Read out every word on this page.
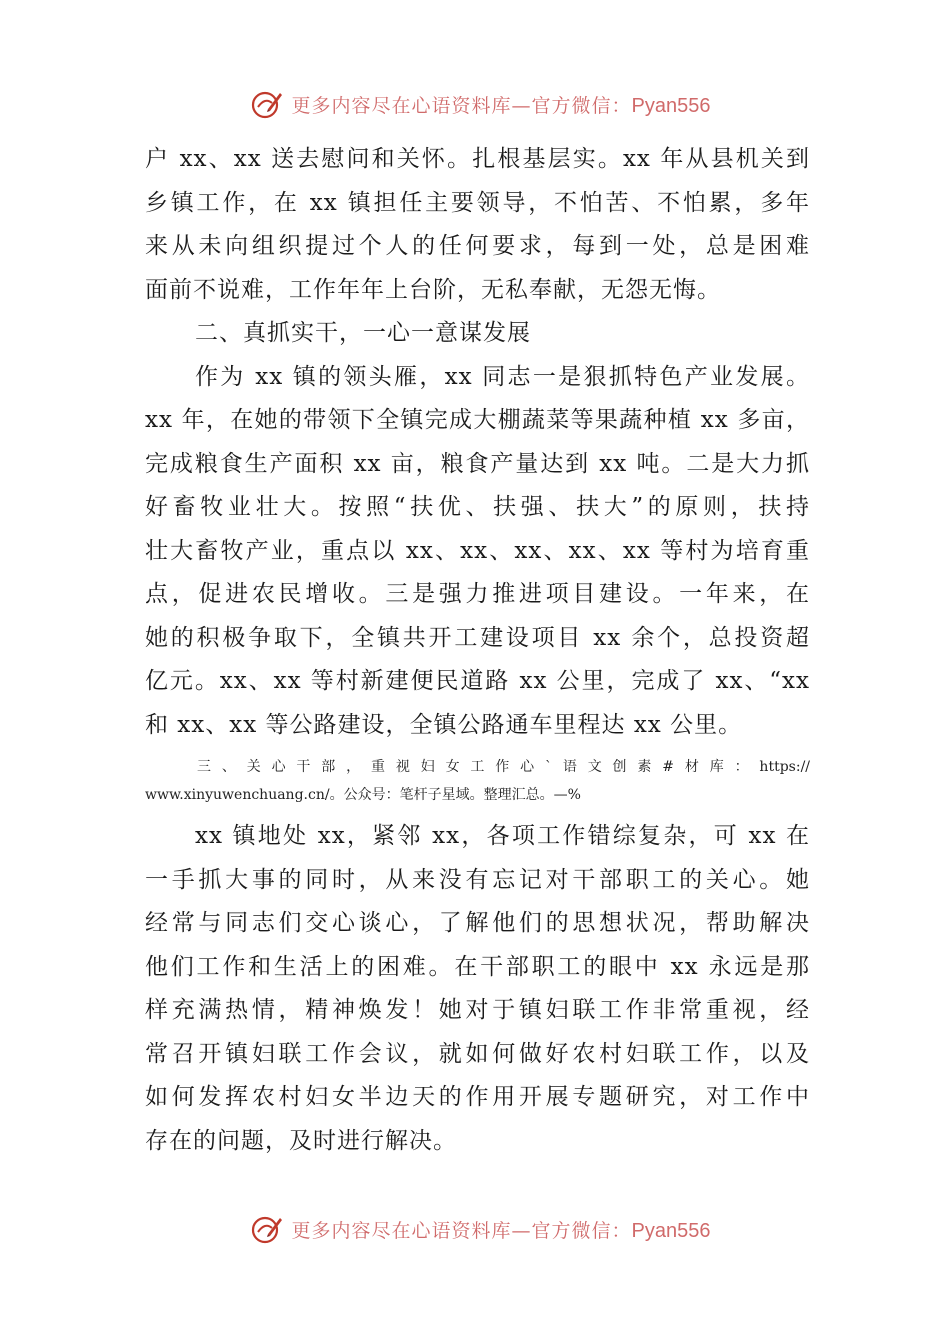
更多内容尽在心语资料库—官方微信：Pyan556
户 xx、xx 送去慰问和关怀。扎根基层实。xx 年从县机关到
乡镇工作，在 xx 镇担任主要领导，不怕苦、不怕累，多年
来从未向组织提过个人的任何要求，每到一处，总是困难
面前不说难，工作年年上台阶，无私奉献，无怨无悔。
二、真抓实干，一心一意谋发展
作为 xx 镇的领头雁，xx 同志一是狠抓特色产业发展。
xx 年，在她的带领下全镇完成大棚蔬菜等果蔬种植 xx 多亩，
完成粮食生产面积 xx 亩，粮食产量达到 xx 吨。二是大力抓
好畜牧业壮大。按照“扶优、扶强、扶大”的原则，扶持
壮大畜牧产业，重点以 xx、xx、xx、xx、xx 等村为培育重
点，促进农民增收。三是强力推进项目建设。一年来，在
她的积极争取下，全镇共开工建设项目 xx 余个，总投资超
亿元。xx、xx 等村新建便民道路 xx 公里，完成了 xx、“xx
和 xx、xx 等公路建设，全镇公路通车里程达 xx 公里。
三、关心干部，重视妇女工作心`语文创素#材库：https://
www.xinyuwenchuang.cn/。公众号：笔杆子星域。整理汇总。—%
xx 镇地处 xx，紧邻 xx，各项工作错综复杂，可 xx 在
一手抓大事的同时，从来没有忘记对干部职工的关心。她
经常与同志们交心谈心，了解他们的思想状况，帮助解决
他们工作和生活上的困难。在干部职工的眼中 xx 永远是那
样充满热情，精神焕发！她对于镇妇联工作非常重视，经
常召开镇妇联工作会议，就如何做好农村妇联工作，以及
如何发挥农村妇女半边天的作用开展专题研究，对工作中
存在的问题，及时进行解决。
更多内容尽在心语资料库—官方微信：Pyan556
